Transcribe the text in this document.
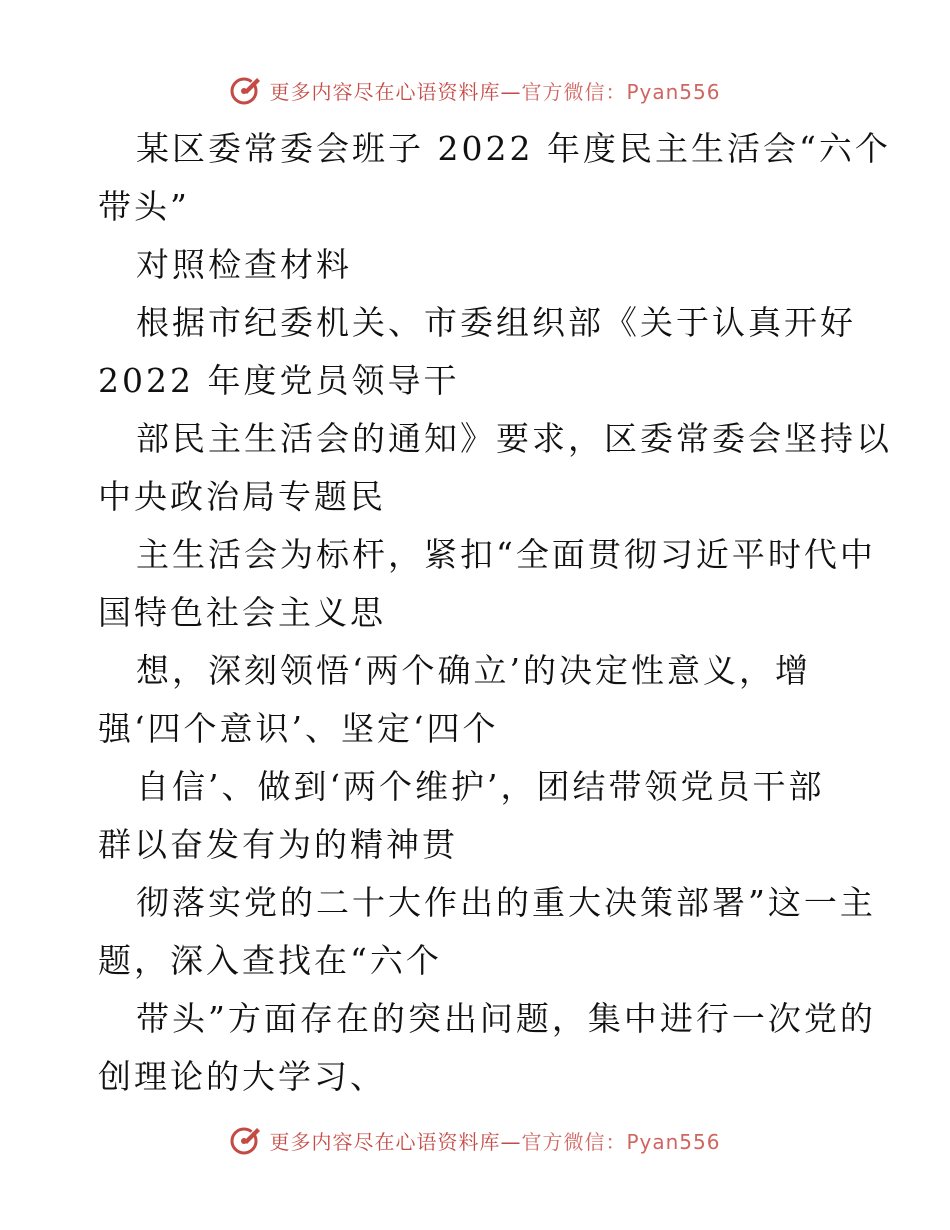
更多内容尽在心语资料库—官方微信：Pyan556
某区委常委会班子 2022 年度民主生活会“六个
带头”
对照检查材料
根据市纪委机关、市委组织部《关于认真开好
2022 年度党员领导干
部民主生活会的通知》要求，区委常委会坚持以
中央政治局专题民
主生活会为标杆，紧扣“全面贯彻习近平时代中
国特色社会主义思
想，深刻领悟‘两个确立’的决定性意义，增
强‘四个意识’、坚定‘四个
自信’、做到‘两个维护’，团结带领党员干部
群以奋发有为的精神贯
彻落实党的二十大作出的重大决策部署”这一主
题，深入查找在“六个
带头”方面存在的突出问题，集中进行一次党的
创理论的大学习、
更多内容尽在心语资料库—官方微信：Pyan556
